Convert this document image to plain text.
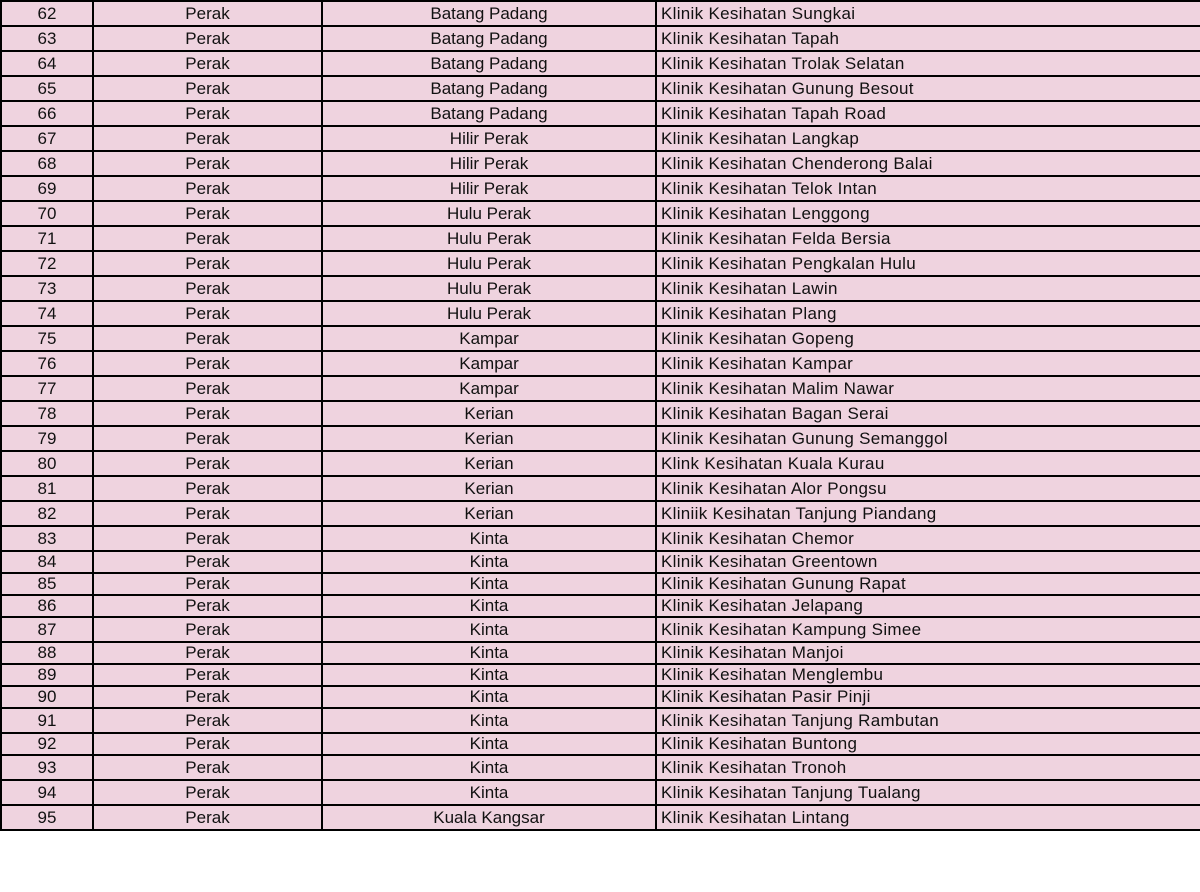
62	Perak	Batang Padang	Klinik Kesihatan Sungkai
63	Perak	Batang Padang	Klinik Kesihatan Tapah
64	Perak	Batang Padang	Klinik Kesihatan Trolak Selatan
65	Perak	Batang Padang	Klinik Kesihatan Gunung Besout
66	Perak	Batang Padang	Klinik Kesihatan Tapah Road
67	Perak	Hilir Perak	Klinik Kesihatan Langkap
68	Perak	Hilir Perak	Klinik Kesihatan Chenderong Balai
69	Perak	Hilir Perak	Klinik Kesihatan Telok Intan
70	Perak	Hulu Perak	Klinik Kesihatan Lenggong
71	Perak	Hulu Perak	Klinik Kesihatan Felda Bersia
72	Perak	Hulu Perak	Klinik Kesihatan Pengkalan Hulu
73	Perak	Hulu Perak	Klinik Kesihatan Lawin
74	Perak	Hulu Perak	Klinik Kesihatan Plang
75	Perak	Kampar	Klinik Kesihatan Gopeng
76	Perak	Kampar	Klinik Kesihatan Kampar
77	Perak	Kampar	Klinik Kesihatan Malim Nawar
78	Perak	Kerian	Klinik Kesihatan Bagan Serai
79	Perak	Kerian	Klinik Kesihatan Gunung Semanggol
80	Perak	Kerian	Klink Kesihatan Kuala Kurau
81	Perak	Kerian	Klinik Kesihatan Alor Pongsu
82	Perak	Kerian	Kliniik Kesihatan Tanjung Piandang
83	Perak	Kinta	Klinik Kesihatan Chemor
84	Perak	Kinta	Klinik Kesihatan Greentown
85	Perak	Kinta	Klinik Kesihatan Gunung Rapat
86	Perak	Kinta	Klinik Kesihatan Jelapang
87	Perak	Kinta	Klinik Kesihatan Kampung Simee
88	Perak	Kinta	Klinik Kesihatan Manjoi
89	Perak	Kinta	Klinik Kesihatan Menglembu
90	Perak	Kinta	Klinik Kesihatan Pasir Pinji
91	Perak	Kinta	Klinik Kesihatan Tanjung Rambutan
92	Perak	Kinta	Klinik Kesihatan Buntong
93	Perak	Kinta	Klinik Kesihatan Tronoh
94	Perak	Kinta	Klinik Kesihatan Tanjung Tualang
95	Perak	Kuala Kangsar	Klinik Kesihatan Lintang
